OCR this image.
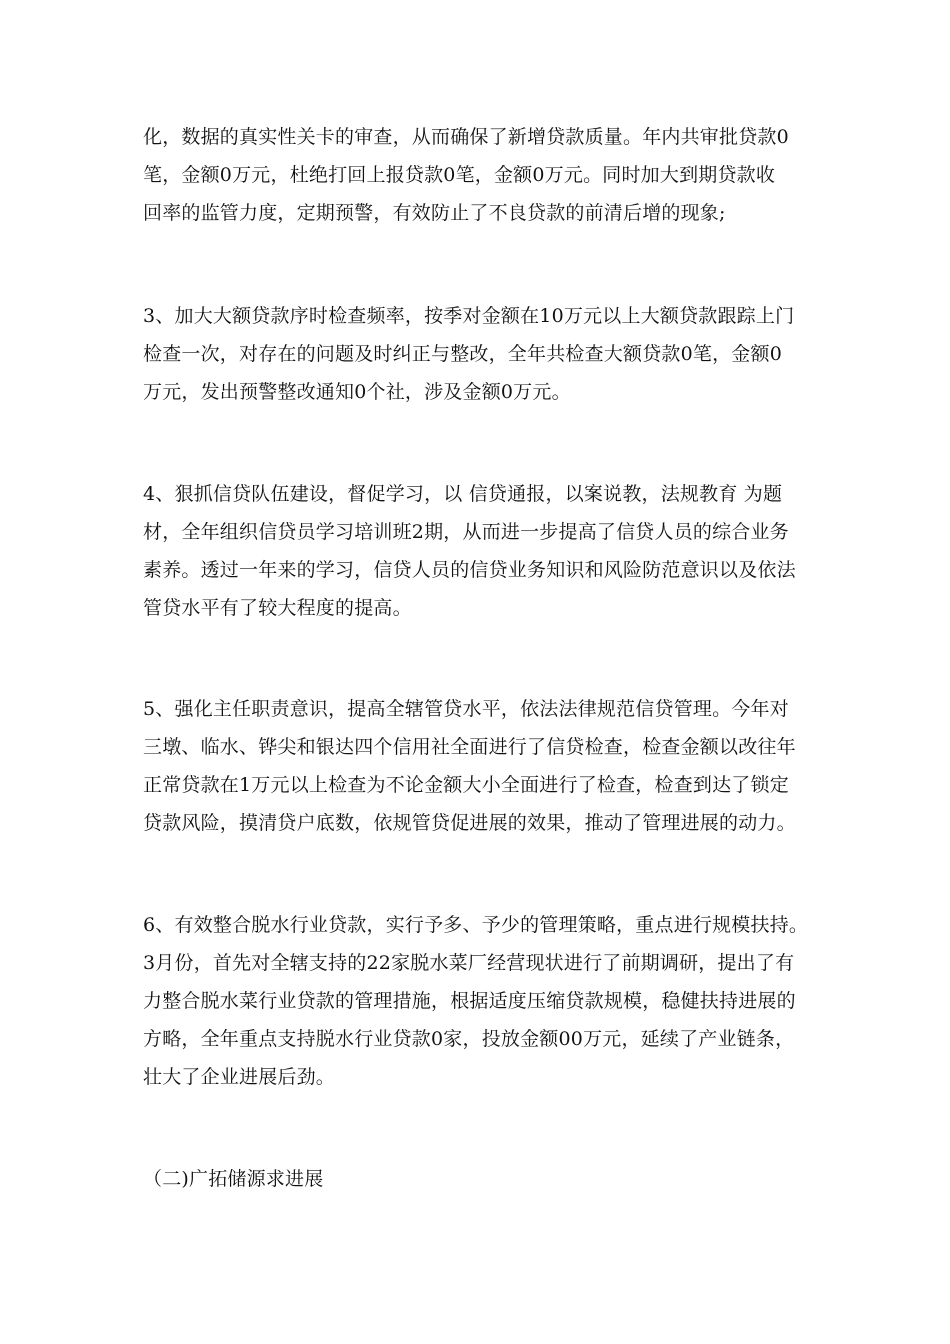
化，数据的真实性关卡的审查，从而确保了新增贷款质量。年内共审批贷款0
笔，金额0万元，杜绝打回上报贷款0笔，金额0万元。同时加大到期贷款收
回率的监管力度，定期预警，有效防止了不良贷款的前清后增的现象;

3、加大大额贷款序时检查频率，按季对金额在10万元以上大额贷款跟踪上门
检查一次，对存在的问题及时纠正与整改，全年共检查大额贷款0笔，金额0
万元，发出预警整改通知0个社，涉及金额0万元。

4、狠抓信贷队伍建设，督促学习，以 信贷通报，以案说教，法规教育 为题
材，全年组织信贷员学习培训班2期，从而进一步提高了信贷人员的综合业务
素养。透过一年来的学习，信贷人员的信贷业务知识和风险防范意识以及依法
管贷水平有了较大程度的提高。

5、强化主任职责意识，提高全辖管贷水平，依法法律规范信贷管理。今年对
三墩、临水、铧尖和银达四个信用社全面进行了信贷检查，检查金额以改往年
正常贷款在1万元以上检查为不论金额大小全面进行了检查，检查到达了锁定
贷款风险，摸清贷户底数，依规管贷促进展的效果，推动了管理进展的动力。

6、有效整合脱水行业贷款，实行予多、予少的管理策略，重点进行规模扶持。
3月份，首先对全辖支持的22家脱水菜厂经营现状进行了前期调研，提出了有
力整合脱水菜行业贷款的管理措施，根据适度压缩贷款规模，稳健扶持进展的
方略，全年重点支持脱水行业贷款0家，投放金额00万元，延续了产业链条，
壮大了企业进展后劲。

（二)广拓储源求进展
